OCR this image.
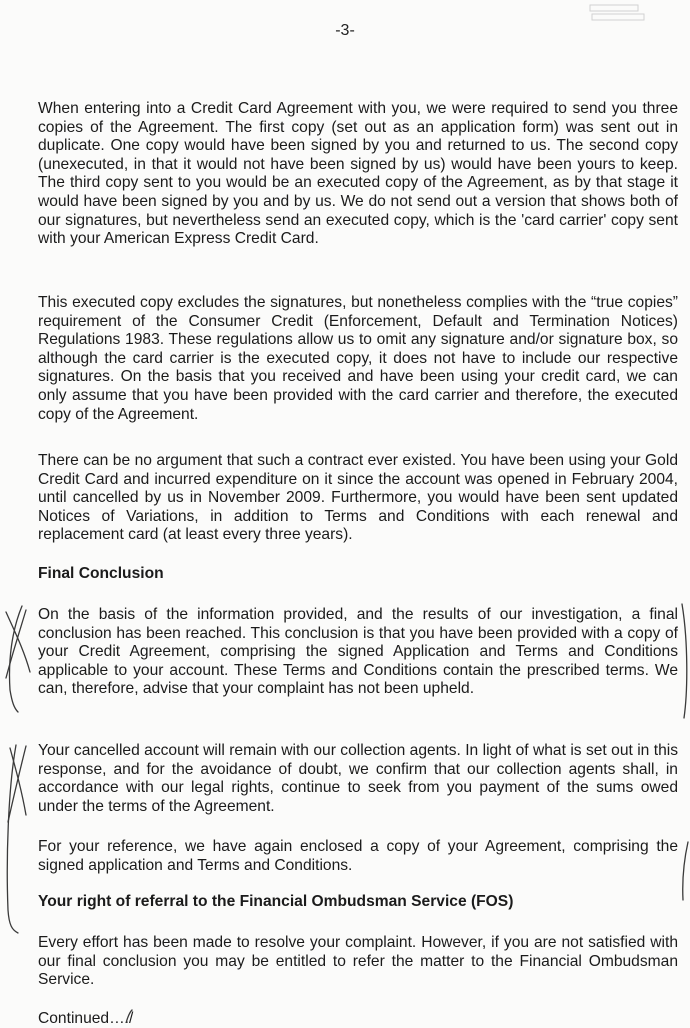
-3-

When entering into a Credit Card Agreement with you, we were required to send you three copies of the Agreement. The first copy (set out as an application form) was sent out in duplicate. One copy would have been signed by you and returned to us. The second copy (unexecuted, in that it would not have been signed by us) would have been yours to keep. The third copy sent to you would be an executed copy of the Agreement, as by that stage it would have been signed by you and by us. We do not send out a version that shows both of our signatures, but nevertheless send an executed copy, which is the 'card carrier' copy sent with your American Express Credit Card.

This executed copy excludes the signatures, but nonetheless complies with the “true copies” requirement of the Consumer Credit (Enforcement, Default and Termination Notices) Regulations 1983. These regulations allow us to omit any signature and/or signature box, so although the card carrier is the executed copy, it does not have to include our respective signatures. On the basis that you received and have been using your credit card, we can only assume that you have been provided with the card carrier and therefore, the executed copy of the Agreement.

There can be no argument that such a contract ever existed. You have been using your Gold Credit Card and incurred expenditure on it since the account was opened in February 2004, until cancelled by us in November 2009. Furthermore, you would have been sent updated Notices of Variations, in addition to Terms and Conditions with each renewal and replacement card (at least every three years).

Final Conclusion

On the basis of the information provided, and the results of our investigation, a final conclusion has been reached. This conclusion is that you have been provided with a copy of your Credit Agreement, comprising the signed Application and Terms and Conditions applicable to your account. These Terms and Conditions contain the prescribed terms. We can, therefore, advise that your complaint has not been upheld.

Your cancelled account will remain with our collection agents. In light of what is set out in this response, and for the avoidance of doubt, we confirm that our collection agents shall, in accordance with our legal rights, continue to seek from you payment of the sums owed under the terms of the Agreement.

For your reference, we have again enclosed a copy of your Agreement, comprising the signed application and Terms and Conditions.

Your right of referral to the Financial Ombudsman Service (FOS)

Every effort has been made to resolve your complaint. However, if you are not satisfied with our final conclusion you may be entitled to refer the matter to the Financial Ombudsman Service.

Continued…./
